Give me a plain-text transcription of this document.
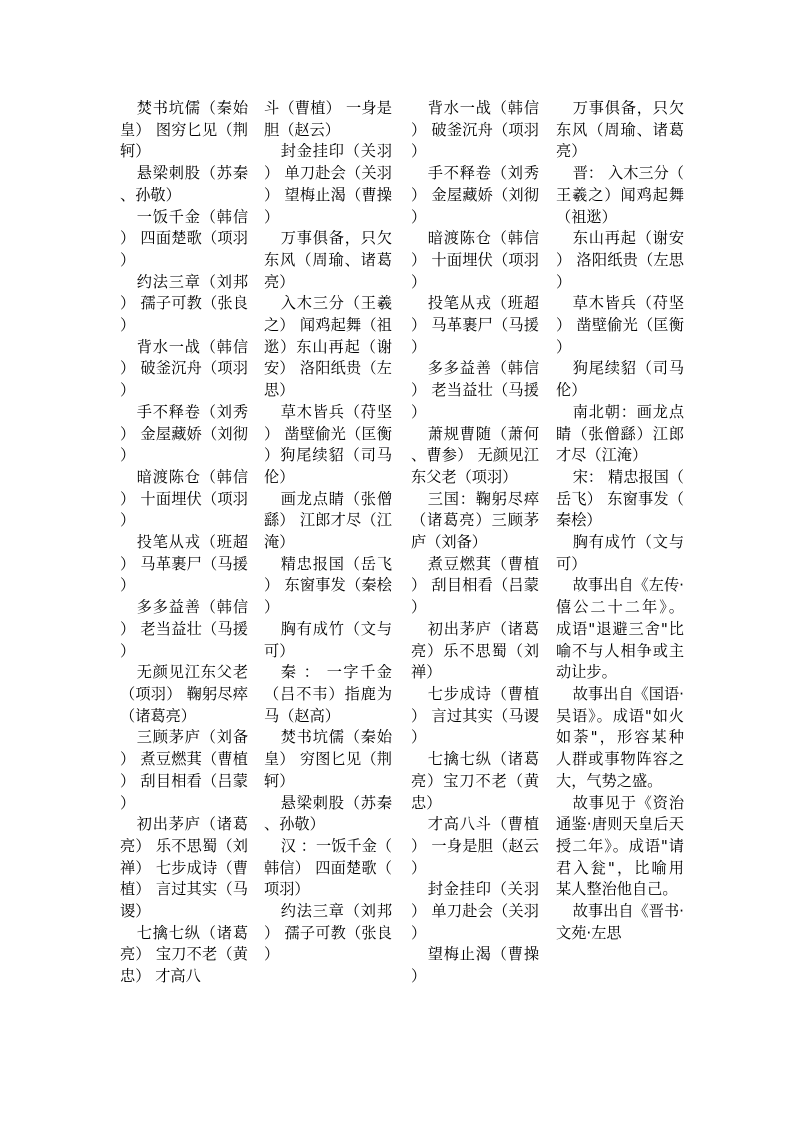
焚书坑儒（秦始皇） 图穷匕见（荆轲）

悬梁刺股（苏秦、孙敬）

一饭千金（韩信） 四面楚歌（项羽）

约法三章（刘邦） 孺子可教（张良）

背水一战（韩信） 破釜沉舟（项羽）

手不释卷（刘秀） 金屋藏娇（刘彻）

暗渡陈仓（韩信） 十面埋伏（项羽）

投笔从戎（班超） 马革裹尸（马援）

多多益善（韩信） 老当益壮（马援）

无颜见江东父老（项羽） 鞠躬尽瘁（诸葛亮）

三顾茅庐（刘备） 煮豆燃萁（曹植） 刮目相看（吕蒙）

初出茅庐（诸葛亮） 乐不思蜀（刘禅） 七步成诗（曹植） 言过其实（马谡）

七擒七纵（诸葛亮） 宝刀不老（黄忠） 才高八

斗（曹植） 一身是胆（赵云）

封金挂印（关羽） 单刀赴会（关羽） 望梅止渴（曹操）

万事俱备，只欠东风（周瑜、诸葛亮）

入木三分（王羲之） 闻鸡起舞（祖逖）东山再起（谢安） 洛阳纸贵（左思）

草木皆兵（苻坚） 凿壁偷光（匡衡）狗尾续貂（司马伦）

画龙点睛（张僧繇） 江郎才尽（江淹）

精忠报国（岳飞） 东窗事发（秦桧）

胸有成竹（文与可）

秦 ： 一字千金（吕不韦）指鹿为马（赵高）

焚书坑儒（秦始皇） 穷图匕见（荆轲）

悬梁刺股（苏秦、孙敬）

汉 ：一饭千金（韩信） 四面楚歌（项羽）

约法三章（刘邦） 孺子可教（张良）

背水一战（韩信） 破釜沉舟（项羽）

手不释卷（刘秀） 金屋藏娇（刘彻）

暗渡陈仓（韩信） 十面埋伏（项羽）

投笔从戎（班超） 马革裹尸（马援）

多多益善（韩信） 老当益壮（马援）

萧规曹随（萧何、曹参） 无颜见江东父老（项羽）

三国：鞠躬尽瘁（诸葛亮）三顾茅庐（刘备）

煮豆燃萁（曹植） 刮目相看（吕蒙）

初出茅庐（诸葛亮）乐不思蜀（刘禅）

七步成诗（曹植） 言过其实（马谡）

七擒七纵（诸葛亮）宝刀不老（黄忠）

才高八斗（曹植） 一身是胆（赵云）

封金挂印（关羽） 单刀赴会（关羽）

望梅止渴（曹操）

万事俱备，只欠东风（周瑜、诸葛亮）

晋： 入木三分（王羲之）闻鸡起舞（祖逖）

东山再起（谢安） 洛阳纸贵（左思）

草木皆兵（苻坚） 凿壁偷光（匡衡）

狗尾续貂（司马伦）

南北朝：画龙点睛（张僧繇）江郎才尽（江淹）

宋： 精忠报国（岳飞） 东窗事发（秦桧）

胸有成竹（文与可）

故事出自《左传·僖公二十二年》。成语"退避三舍"比喻不与人相争或主动让步。

故事出自《国语·吴语》。成语"如火如荼"，形容某种人群或事物阵容之大，气势之盛。

故事见于《资治通鉴·唐则天皇后天授二年》。成语"请君入瓮"，比喻用某人整治他自己。

故事出自《晋书·文苑·左思
